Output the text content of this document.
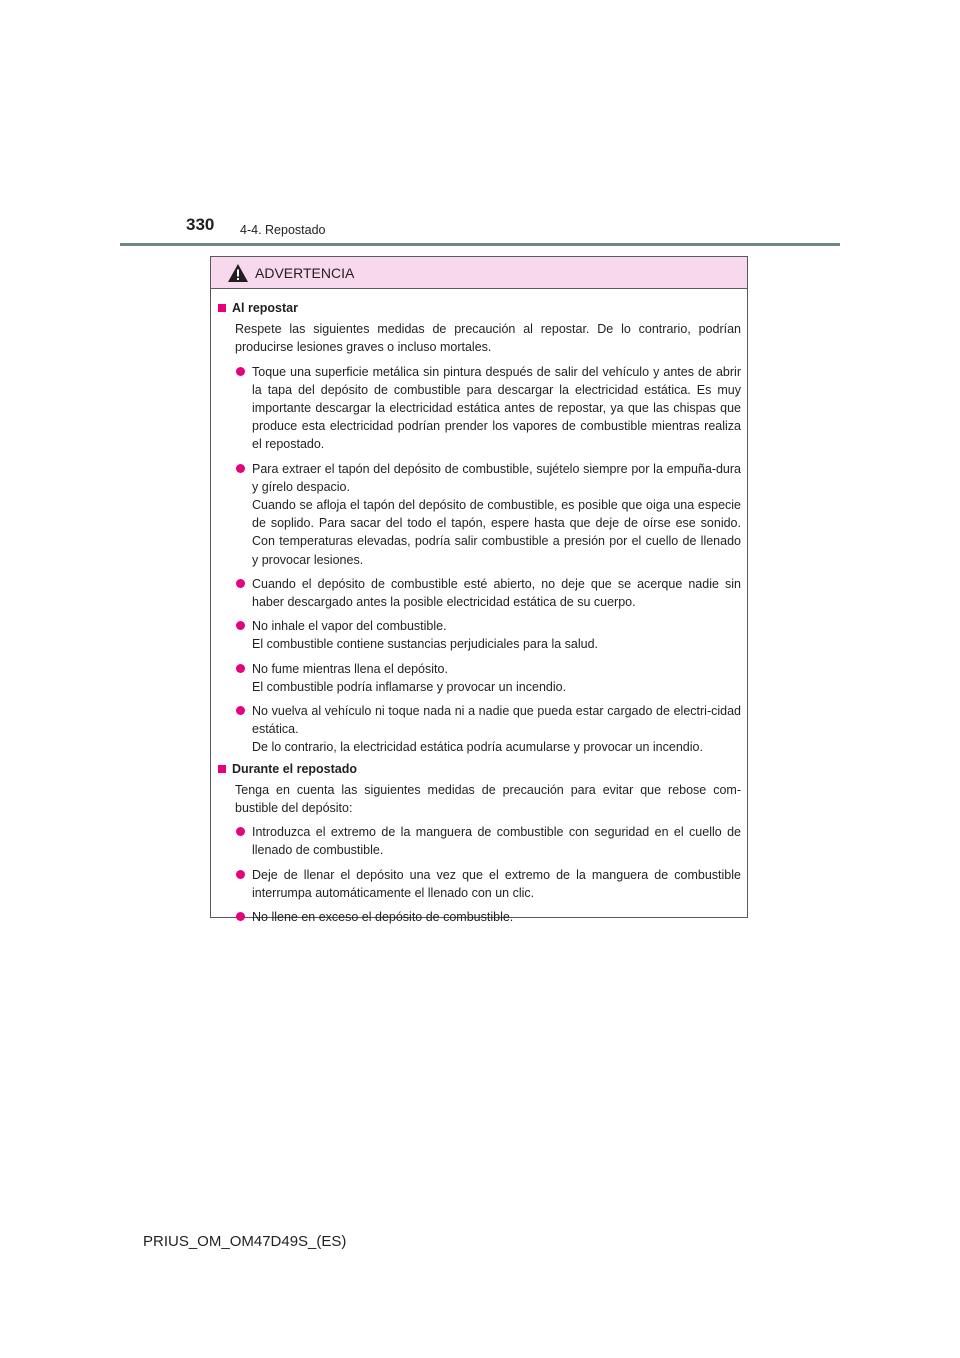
330 4-4. Repostado
ADVERTENCIA
Al repostar
Respete las siguientes medidas de precaución al repostar. De lo contrario, podrían producirse lesiones graves o incluso mortales.
Toque una superficie metálica sin pintura después de salir del vehículo y antes de abrir la tapa del depósito de combustible para descargar la electricidad estática. Es muy importante descargar la electricidad estática antes de repostar, ya que las chispas que produce esta electricidad podrían prender los vapores de combustible mientras realiza el repostado.
Para extraer el tapón del depósito de combustible, sujételo siempre por la empuña-dura y gírelo despacio.
Cuando se afloja el tapón del depósito de combustible, es posible que oiga una especie de soplido. Para sacar del todo el tapón, espere hasta que deje de oírse ese sonido. Con temperaturas elevadas, podría salir combustible a presión por el cuello de llenado y provocar lesiones.
Cuando el depósito de combustible esté abierto, no deje que se acerque nadie sin haber descargado antes la posible electricidad estática de su cuerpo.
No inhale el vapor del combustible.
El combustible contiene sustancias perjudiciales para la salud.
No fume mientras llena el depósito.
El combustible podría inflamarse y provocar un incendio.
No vuelva al vehículo ni toque nada ni a nadie que pueda estar cargado de electri-cidad estática.
De lo contrario, la electricidad estática podría acumularse y provocar un incendio.
Durante el repostado
Tenga en cuenta las siguientes medidas de precaución para evitar que rebose com-bustible del depósito:
Introduzca el extremo de la manguera de combustible con seguridad en el cuello de llenado de combustible.
Deje de llenar el depósito una vez que el extremo de la manguera de combustible interrumpa automáticamente el llenado con un clic.
No llene en exceso el depósito de combustible.
PRIUS_OM_OM47D49S_(ES)
